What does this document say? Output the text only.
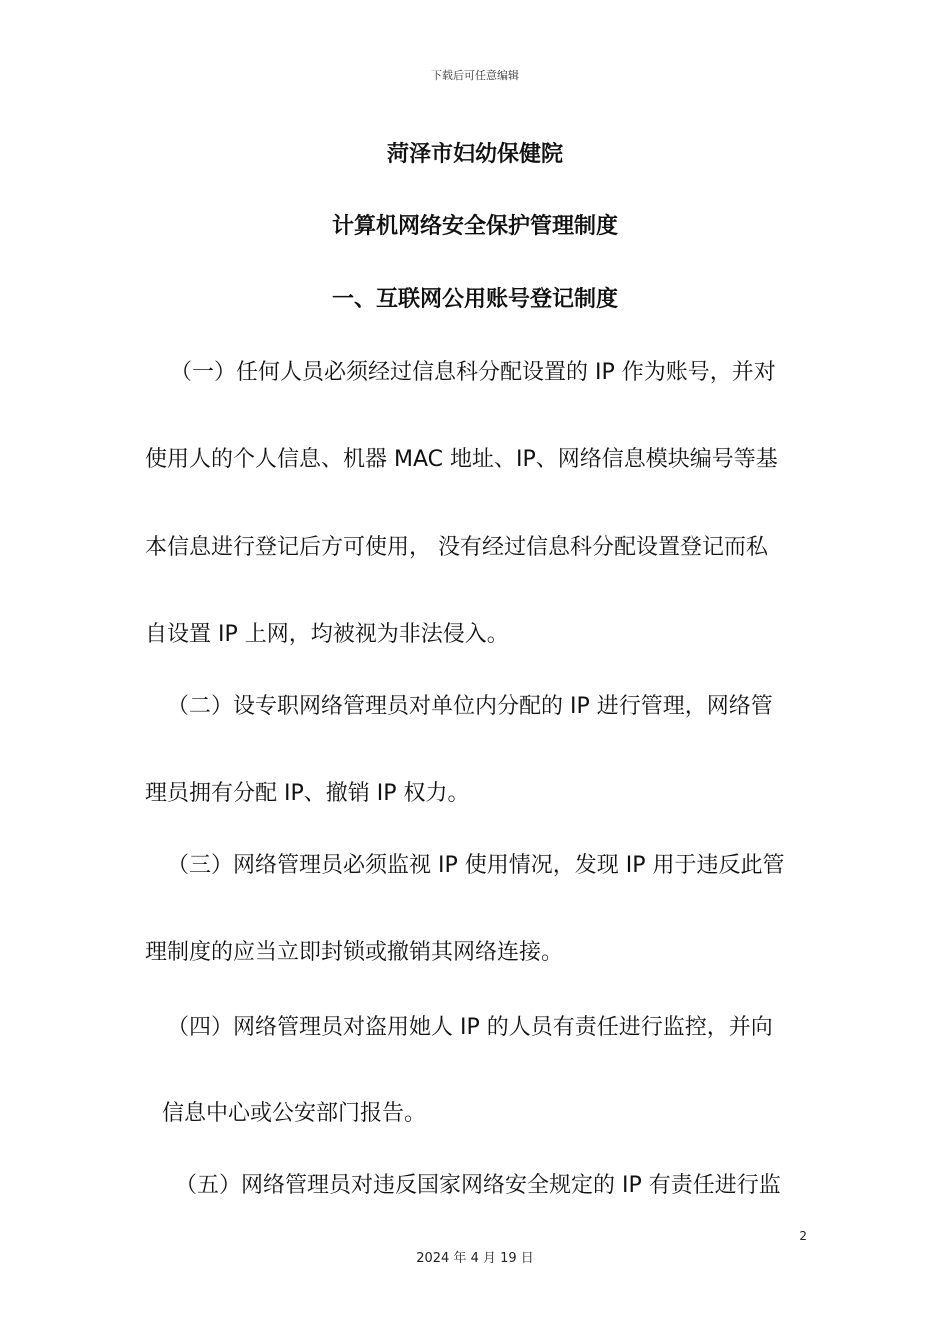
下载后可任意编辑
菏泽市妇幼保健院
计算机网络安全保护管理制度
一、互联网公用账号登记制度
（一）任何人员必须经过信息科分配设置的 IP 作为账号，并对
使用人的个人信息、机器 MAC 地址、IP、网络信息模块编号等基
本信息进行登记后方可使用， 没有经过信息科分配设置登记而私
自设置 IP 上网，均被视为非法侵入。
（二）设专职网络管理员对单位内分配的 IP 进行管理，网络管
理员拥有分配 IP、撤销 IP 权力。
（三）网络管理员必须监视 IP 使用情况，发现 IP 用于违反此管
理制度的应当立即封锁或撤销其网络连接。
（四）网络管理员对盗用她人 IP 的人员有责任进行监控，并向
信息中心或公安部门报告。
（五）网络管理员对违反国家网络安全规定的 IP 有责任进行监
2
2024 年 4 月 19 日
